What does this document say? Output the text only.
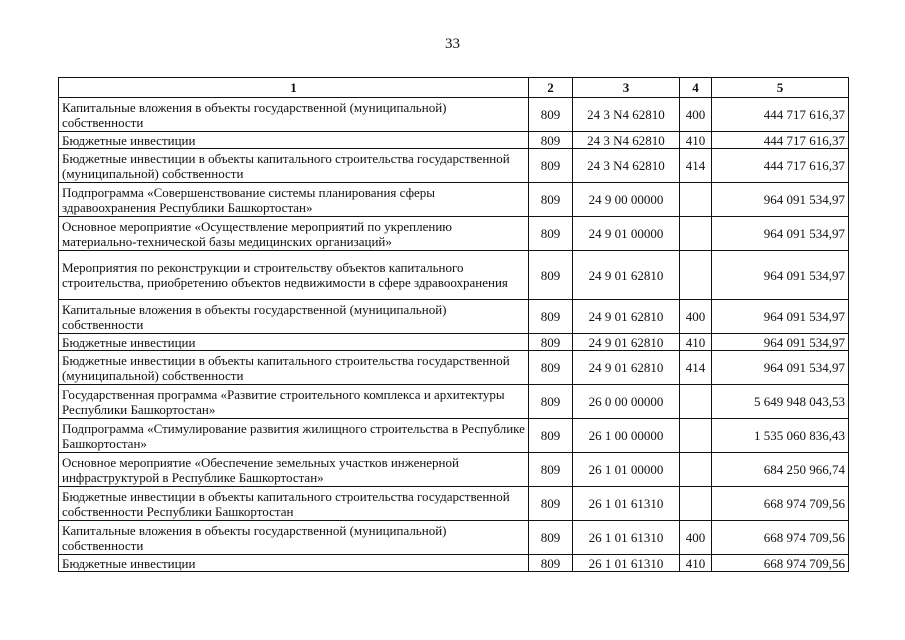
33
1	2	3	4	5
Капитальные вложения в объекты государственной (муниципальной) собственности	809	24 3 N4 62810	400	444 717 616,37
Бюджетные инвестиции	809	24 3 N4 62810	410	444 717 616,37
Бюджетные инвестиции в объекты капитального строительства государственной (муниципальной) собственности	809	24 3 N4 62810	414	444 717 616,37
Подпрограмма «Совершенствование системы планирования сферы здравоохранения Республики Башкортостан»	809	24 9 00 00000		964 091 534,97
Основное мероприятие «Осуществление мероприятий по укреплению материально-технической базы медицинских организаций»	809	24 9 01 00000		964 091 534,97
Мероприятия по реконструкции и строительству объектов капитального строительства, приобретению объектов недвижимости в сфере здравоохранения	809	24 9 01 62810		964 091 534,97
Капитальные вложения в объекты государственной (муниципальной) собственности	809	24 9 01 62810	400	964 091 534,97
Бюджетные инвестиции	809	24 9 01 62810	410	964 091 534,97
Бюджетные инвестиции в объекты капитального строительства государственной (муниципальной) собственности	809	24 9 01 62810	414	964 091 534,97
Государственная программа «Развитие строительного комплекса и архитектуры Республики Башкортостан»	809	26 0 00 00000		5 649 948 043,53
Подпрограмма «Стимулирование развития жилищного строительства в Республике Башкортостан»	809	26 1 00 00000		1 535 060 836,43
Основное мероприятие «Обеспечение земельных участков инженерной инфраструктурой в Республике Башкортостан»	809	26 1 01 00000		684 250 966,74
Бюджетные инвестиции в объекты капитального строительства государственной собственности Республики Башкортостан	809	26 1 01 61310		668 974 709,56
Капитальные вложения в объекты государственной (муниципальной) собственности	809	26 1 01 61310	400	668 974 709,56
Бюджетные инвестиции	809	26 1 01 61310	410	668 974 709,56
